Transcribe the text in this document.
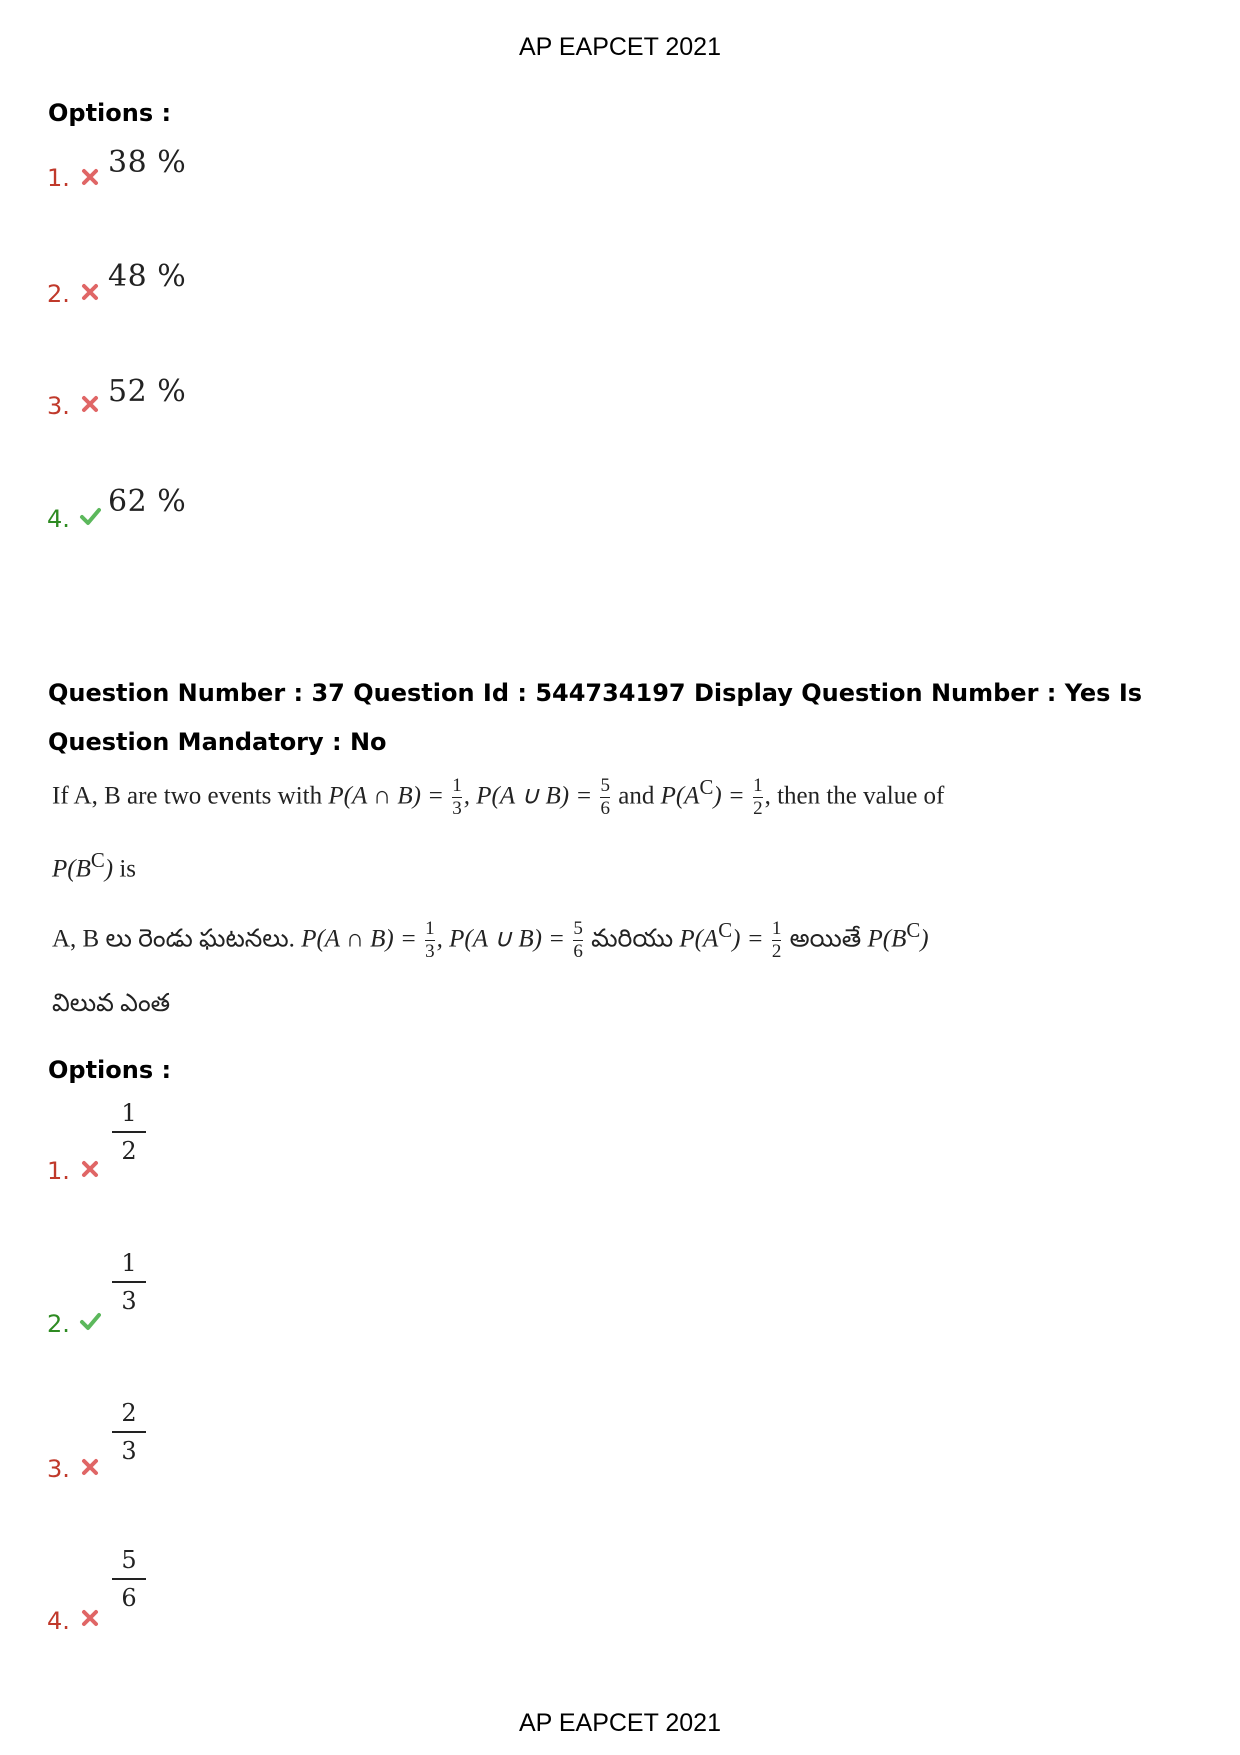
AP EAPCET 2021
Options :
1. 38 %
2. 48 %
3. 52 %
4. 62 %
Question Number : 37 Question Id : 544734197 Display Question Number : Yes Is Question Mandatory : No
If A, B are two events with P(A ∩ $B) = \frac{1}{3}$ , P(A ∪ $B) = \frac{5}{6}$ and $P(A^C) = \frac{1}{2}$ , then the value of
$P(B^C)$ is
A, B లు రెండు ఘటనలు. P(A ∩ $B) = \frac{1}{3}$ , P(A ∪ $B) = \frac{5}{6}$ మరియు $P(A^C) = \frac{1}{2}$ అయితే $P(B^C)$
విలువ ఎంత
Options :
1.
1
2
2.
1
3
3.
2
3
4.
5
6
AP EAPCET 2021
